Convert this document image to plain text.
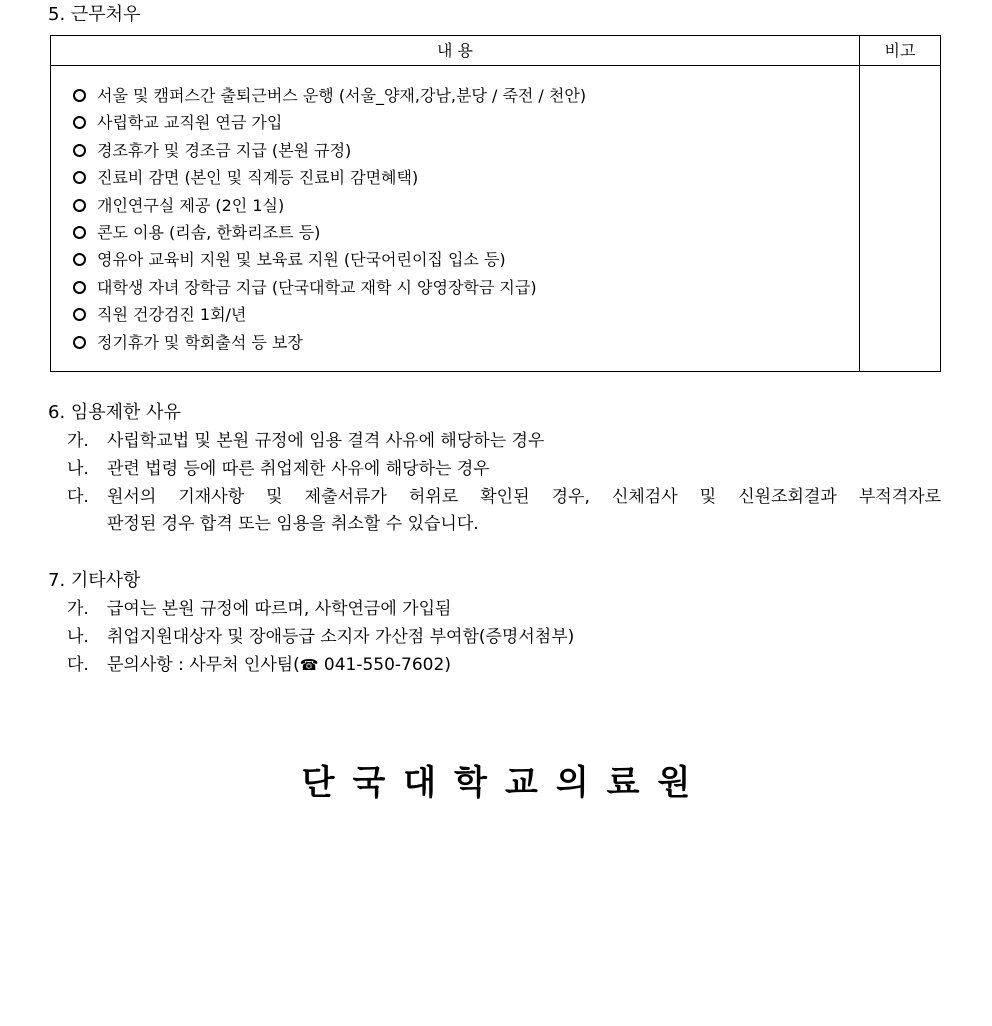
5. 근무처우
내 용	비고
서울 및 캠퍼스간 출퇴근버스 운행 (서울_양재,강남,분당 / 죽전 / 천안)
사립학교 교직원 연금 가입
경조휴가 및 경조금 지급 (본원 규정)
진료비 감면 (본인 및 직계등 진료비 감면혜택)
개인연구실 제공 (2인 1실)
콘도 이용 (리솜, 한화리조트 등)
영유아 교육비 지원 및 보육료 지원 (단국어린이집 입소 등)
대학생 자녀 장학금 지급 (단국대학교 재학 시 양영장학금 지급)
직원 건강검진 1회/년
정기휴가 및 학회출석 등 보장
6. 임용제한 사유
가. 사립학교법 및 본원 규정에 임용 결격 사유에 해당하는 경우
나. 관련 법령 등에 따른 취업제한 사유에 해당하는 경우
다.	원서의 기재사항 및 제출서류가 허위로 확인된 경우, 신체검사 및 신원조회결과 부적격자로
판정된 경우 합격 또는 임용을 취소할 수 있습니다.
7. 기타사항
가. 급여는 본원 규정에 따르며, 사학연금에 가입됨
나. 취업지원대상자 및 장애등급 소지자 가산점 부여함(증명서첨부)
다. 문의사항 : 사무처 인사팀(☎ 041-550-7602)
단국대학교의료원
